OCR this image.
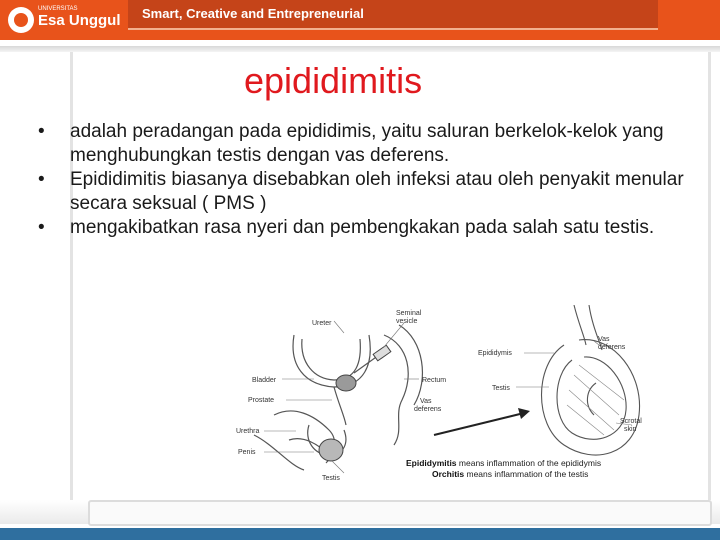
UNIVERSITAS
Esa Unggul Smart, Creative and Entrepreneurial
epididimitis
• adalah peradangan pada epididimis, yaitu saluran berkelok-kelok yang menghubungkan testis dengan vas deferens.
• Epididimitis biasanya disebabkan oleh infeksi atau oleh penyakit menular secara seksual ( PMS )
• mengakibatkan rasa nyeri dan pembengkakan pada salah satu testis.
Ureter
Seminal
vesicle
Bladder
Prostate
Urethra
Penis
Testis
Rectum
Vas
deferens
Epididymis
Testis
Vas
deferens
Scrotal
skin
Epididymitis means inflammation of the epididymis
Orchitis means inflammation of the testis
